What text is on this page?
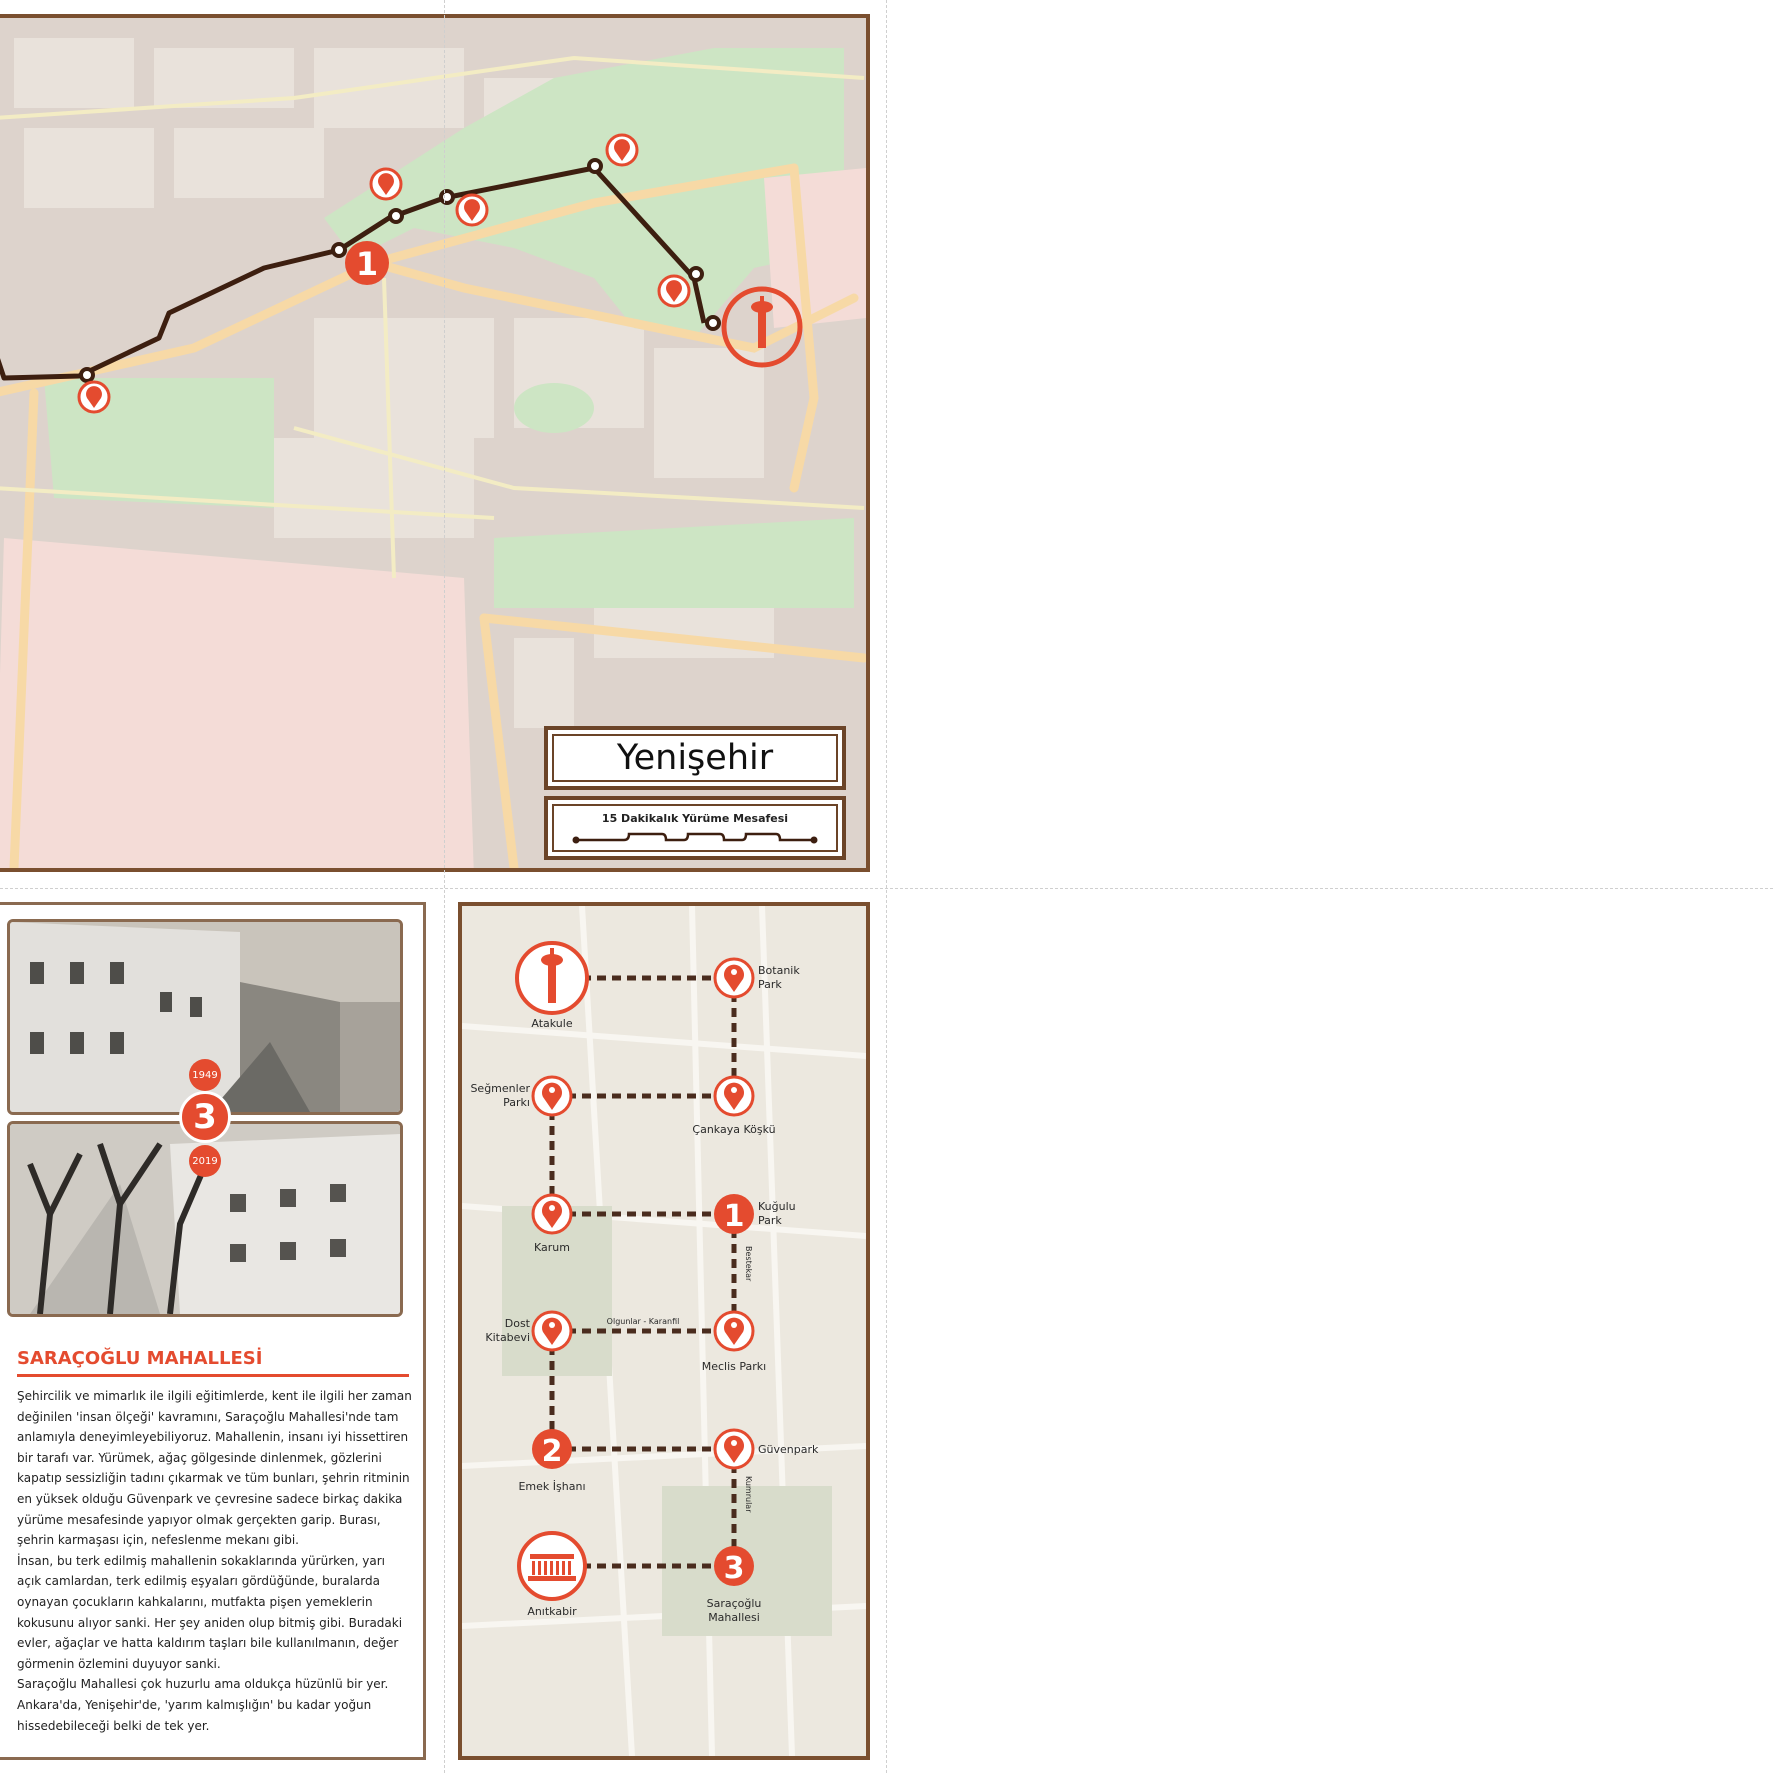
1
Yenişehir
15 Dakikalık Yürüme Mesafesi
1949
3
2019
SARAÇOĞLU MAHALLESİ

Şehircilik ve mimarlık ile ilgili eğitimlerde, kent ile ilgili her zaman değinilen 'insan ölçeği' kavramını, Saraçoğlu Mahallesi'nde tam anlamıyla deneyimleyebiliyoruz. Mahallenin, insanı iyi hissettiren bir tarafı var. Yürümek, ağaç gölgesinde dinlenmek, gözlerini kapatıp sessizliğin tadını çıkarmak ve tüm bunları, şehrin ritminin en yüksek olduğu Güvenpark ve çevresine sadece birkaç dakika yürüme mesafesinde yapıyor olmak gerçekten garip. Burası, şehrin karmaşası için, nefeslenme mekanı gibi.

İnsan, bu terk edilmiş mahallenin sokaklarında yürürken, yarı açık camlardan, terk edilmiş eşyaları gördüğünde, buralarda oynayan çocukların kahkalarını, mutfakta pişen yemeklerin kokusunu alıyor sanki. Her şey aniden olup bitmiş gibi. Buradaki evler, ağaçlar ve hatta kaldırım taşları bile kullanılmanın, değer görmenin özlemini duyuyor sanki.

Saraçoğlu Mahallesi çok huzurlu ama oldukça hüzünlü bir yer. Ankara'da, Yenişehir'de, 'yarım kalmışlığın' bu kadar yoğun hissedebileceği belki de tek yer.

1
2
3
Atakule
Botanik
Park
Seğmenler
Parkı
Çankaya Köşkü
Karum
Kuğulu
Park
Dost
Kitabevi
Meclis Parkı
Emek İşhanı
Güvenpark
Anıtkabir
Saraçoğlu
Mahallesi
Olgunlar - Karanfil
Bestekar
Kumrular
